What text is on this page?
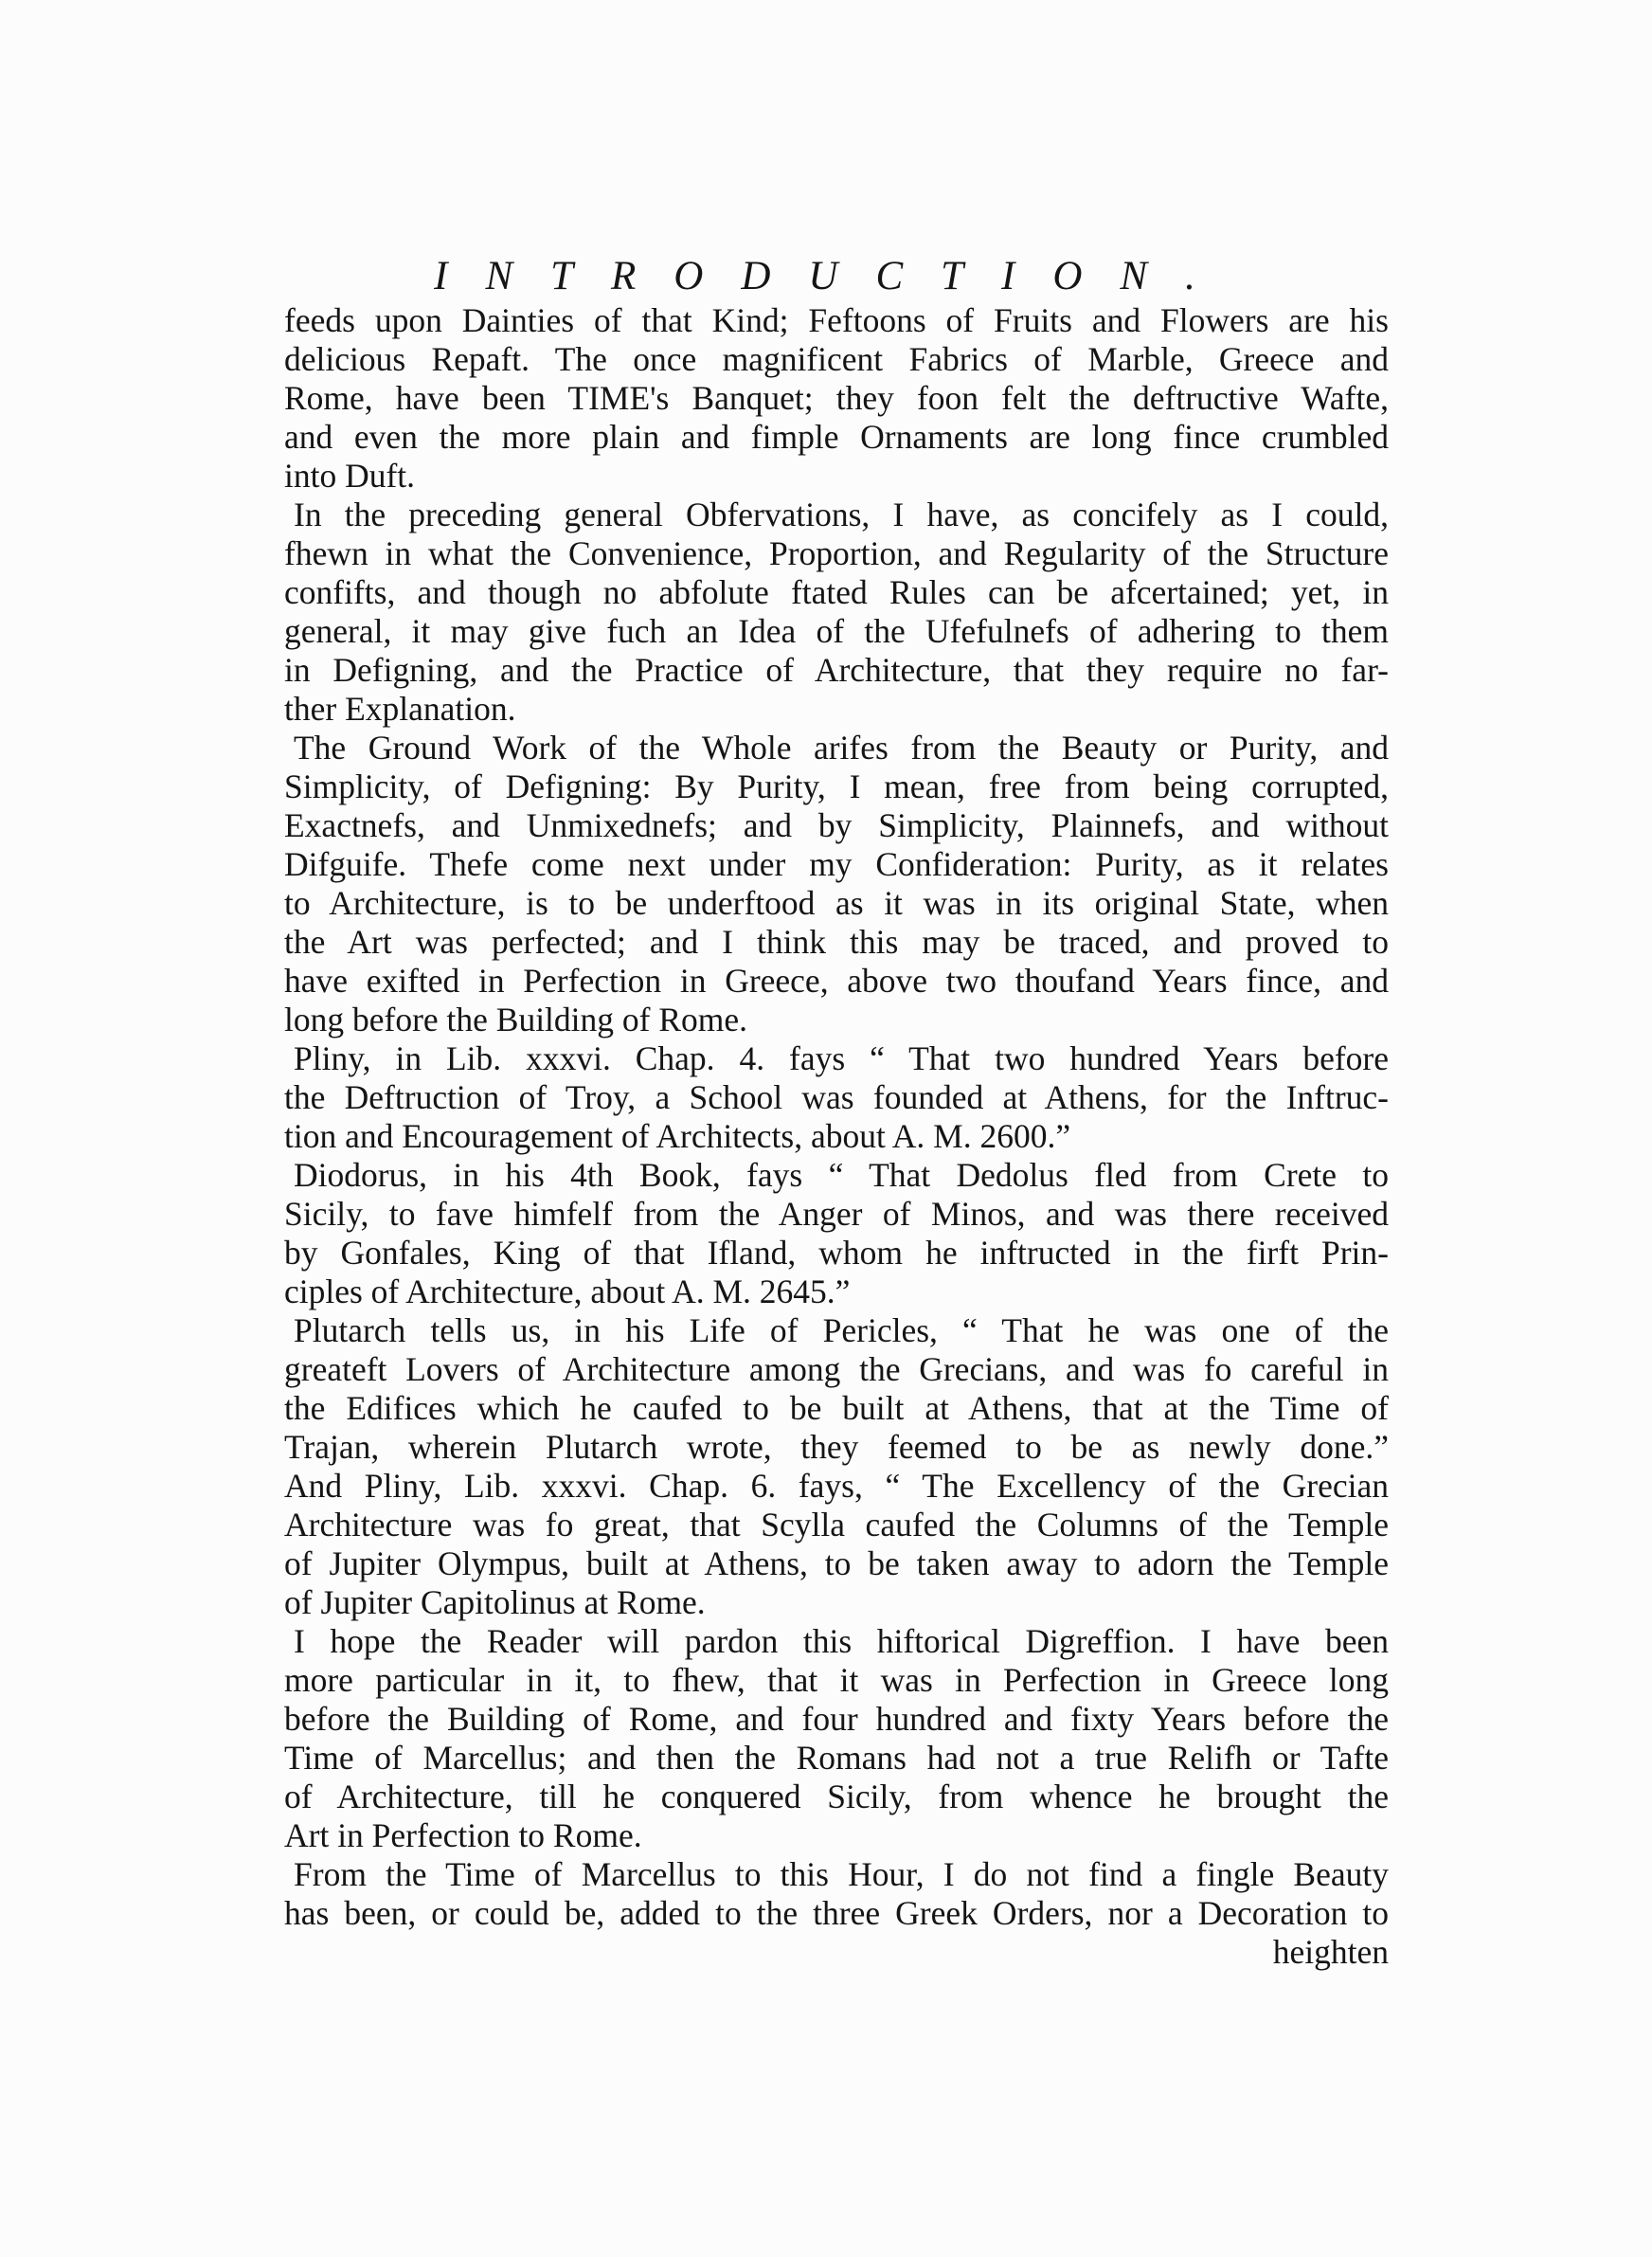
INTRODUCTION.
feeds upon Dainties of that Kind; Feftoons of Fruits and Flowers are his
delicious Repaft. The once magnificent Fabrics of Marble, Greece and
Rome, have been TIME's Banquet; they foon felt the deftructive Wafte,
and even the more plain and fimple Ornaments are long fince crumbled
into Duft.
In the preceding general Obfervations, I have, as concifely as I could,
fhewn in what the Convenience, Proportion, and Regularity of the Structure
confifts, and though no abfolute ftated Rules can be afcertained; yet, in
general, it may give fuch an Idea of the Ufefulnefs of adhering to them
in Defigning, and the Practice of Architecture, that they require no far-
ther Explanation.
The Ground Work of the Whole arifes from the Beauty or Purity, and
Simplicity, of Defigning: By Purity, I mean, free from being corrupted,
Exactnefs, and Unmixednefs; and by Simplicity, Plainnefs, and without
Difguife. Thefe come next under my Confideration: Purity, as it relates
to Architecture, is to be underftood as it was in its original State, when
the Art was perfected; and I think this may be traced, and proved to
have exifted in Perfection in Greece, above two thoufand Years fince, and
long before the Building of Rome.
Pliny, in Lib. xxxvi. Chap. 4. fays “ That two hundred Years before
the Deftruction of Troy, a School was founded at Athens, for the Inftruc-
tion and Encouragement of Architects, about A. M. 2600.”
Diodorus, in his 4th Book, fays “ That Dedolus fled from Crete to
Sicily, to fave himfelf from the Anger of Minos, and was there received
by Gonfales, King of that Ifland, whom he inftructed in the firft Prin-
ciples of Architecture, about A. M. 2645.”
Plutarch tells us, in his Life of Pericles, “ That he was one of the
greateft Lovers of Architecture among the Grecians, and was fo careful in
the Edifices which he caufed to be built at Athens, that at the Time of
Trajan, wherein Plutarch wrote, they feemed to be as newly done.”
And Pliny, Lib. xxxvi. Chap. 6. fays, “ The Excellency of the Grecian
Architecture was fo great, that Scylla caufed the Columns of the Temple
of Jupiter Olympus, built at Athens, to be taken away to adorn the Temple
of Jupiter Capitolinus at Rome.
I hope the Reader will pardon this hiftorical Digreffion. I have been
more particular in it, to fhew, that it was in Perfection in Greece long
before the Building of Rome, and four hundred and fixty Years before the
Time of Marcellus; and then the Romans had not a true Relifh or Tafte
of Architecture, till he conquered Sicily, from whence he brought the
Art in Perfection to Rome.
From the Time of Marcellus to this Hour, I do not find a fingle Beauty
has been, or could be, added to the three Greek Orders, nor a Decoration to
heighten
